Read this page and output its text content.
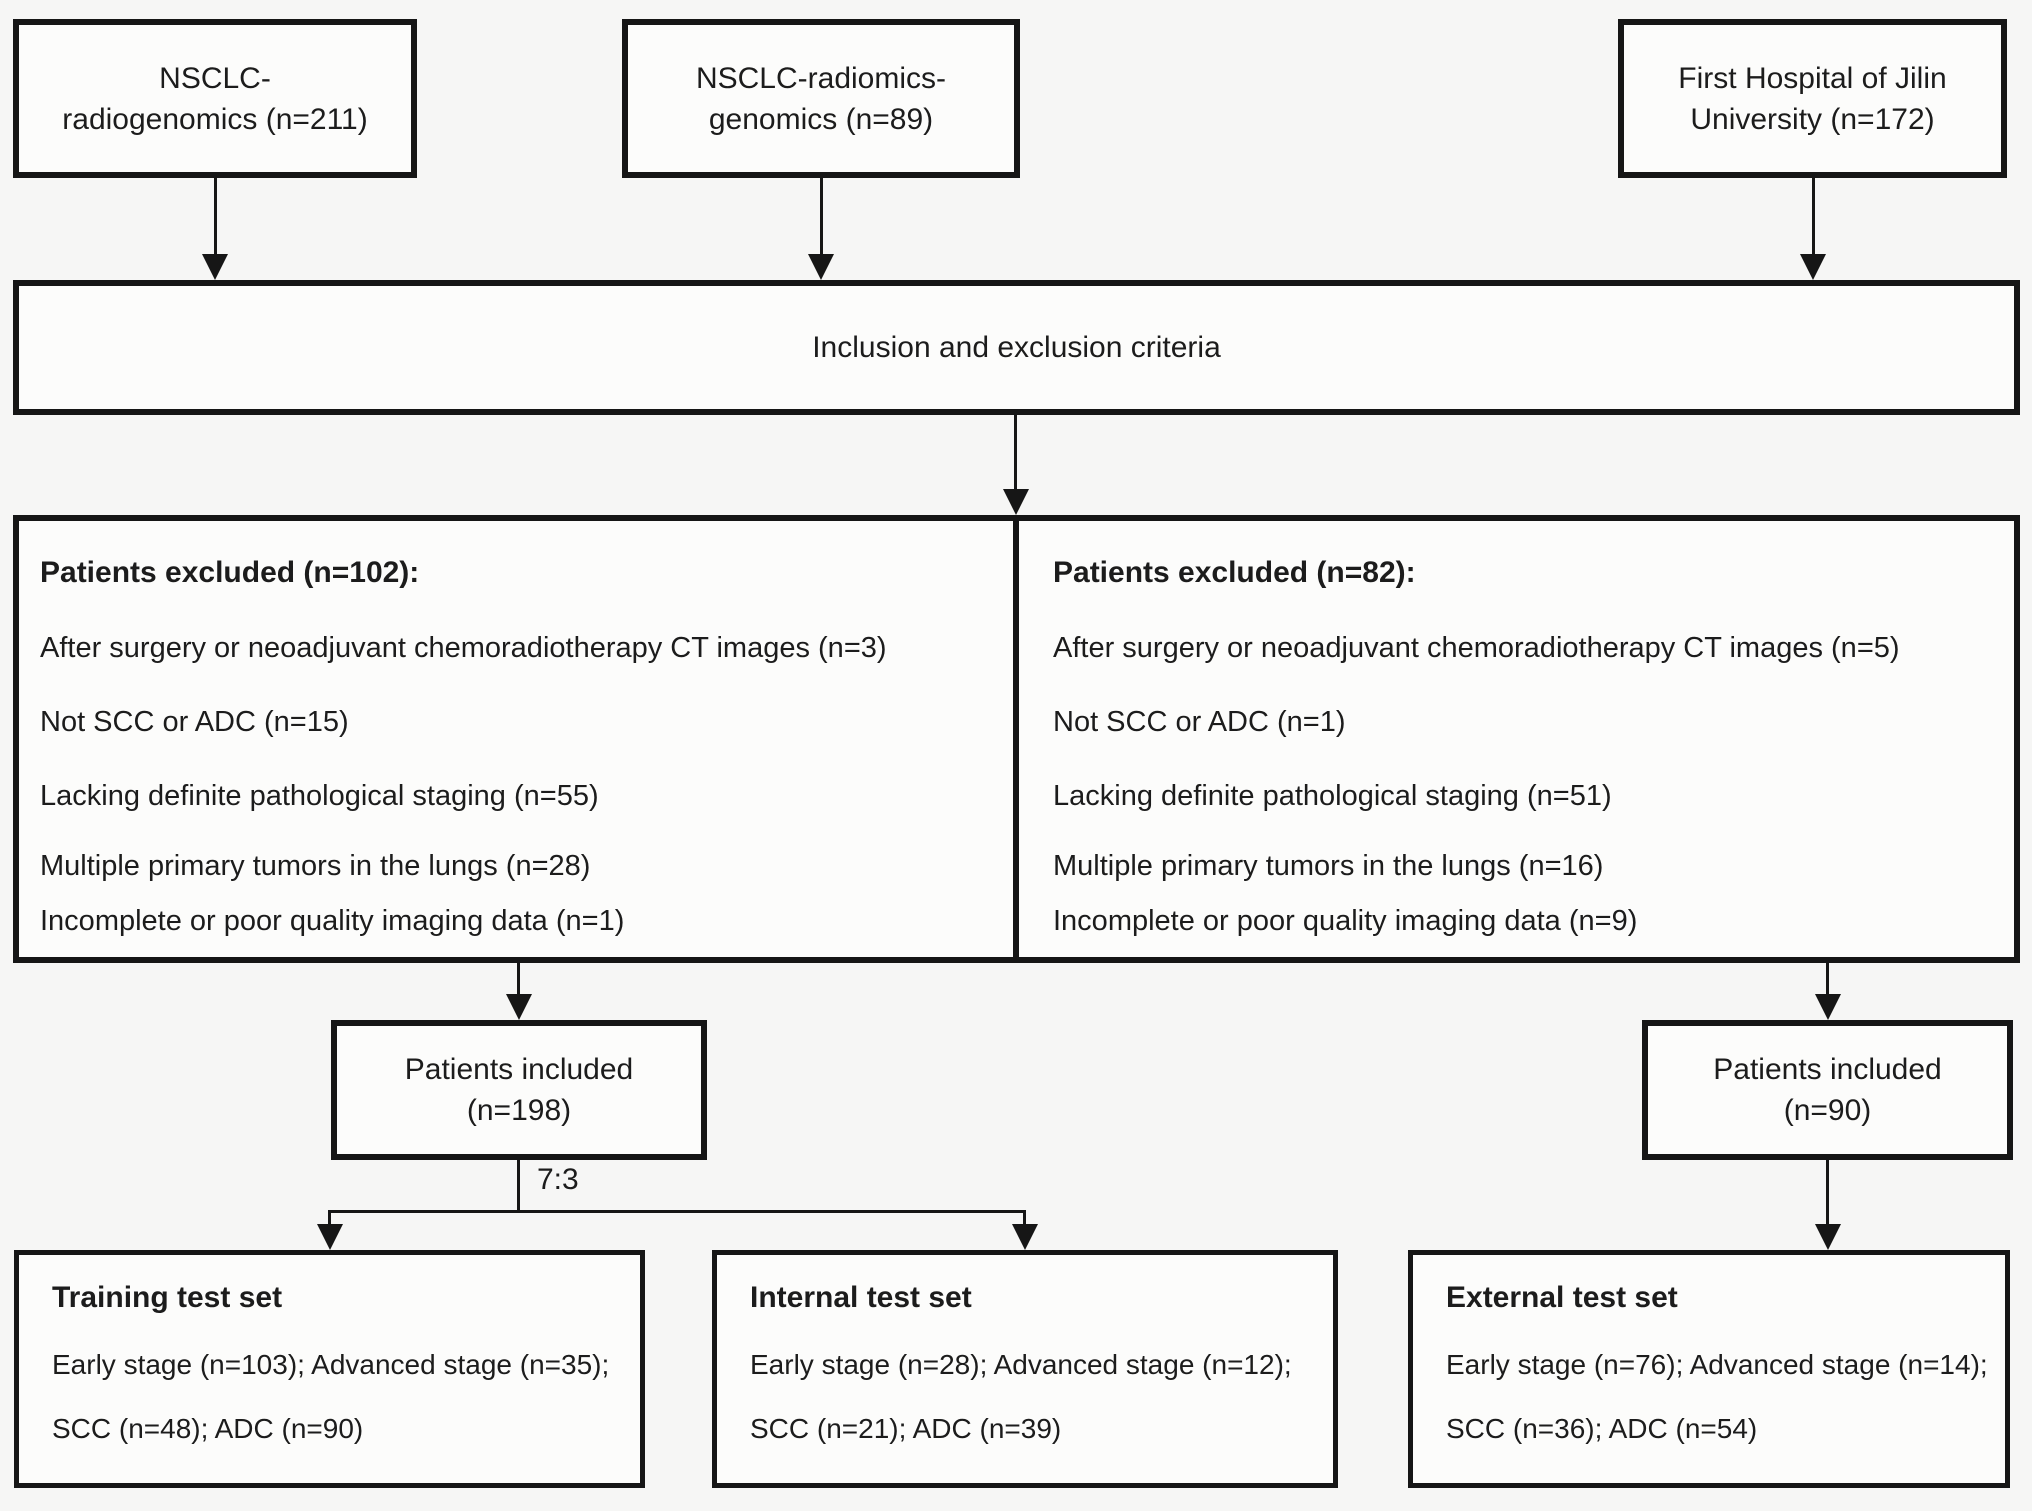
NSCLC-
radiogenomics (n=211)
NSCLC-radiomics-
genomics (n=89)
First Hospital of Jilin
University (n=172)
Inclusion and exclusion criteria
Patients excluded (n=102):
After surgery or neoadjuvant chemoradiotherapy CT images (n=3)
Not SCC or ADC (n=15)
Lacking definite pathological staging (n=55)
Multiple primary tumors in the lungs (n=28)
Incomplete or poor quality imaging data (n=1)
Patients excluded (n=82):
After surgery or neoadjuvant chemoradiotherapy CT images (n=5)
Not SCC or ADC (n=1)
Lacking definite pathological staging (n=51)
Multiple primary tumors in the lungs (n=16)
Incomplete or poor quality imaging data (n=9)
Patients included
(n=198)
Patients included
(n=90)
7:3
Training test set
Early stage (n=103); Advanced stage (n=35);
SCC (n=48); ADC (n=90)
Internal test set
Early stage (n=28); Advanced stage (n=12);
SCC (n=21); ADC (n=39)
External test set
Early stage (n=76); Advanced stage (n=14);
SCC (n=36); ADC (n=54)
